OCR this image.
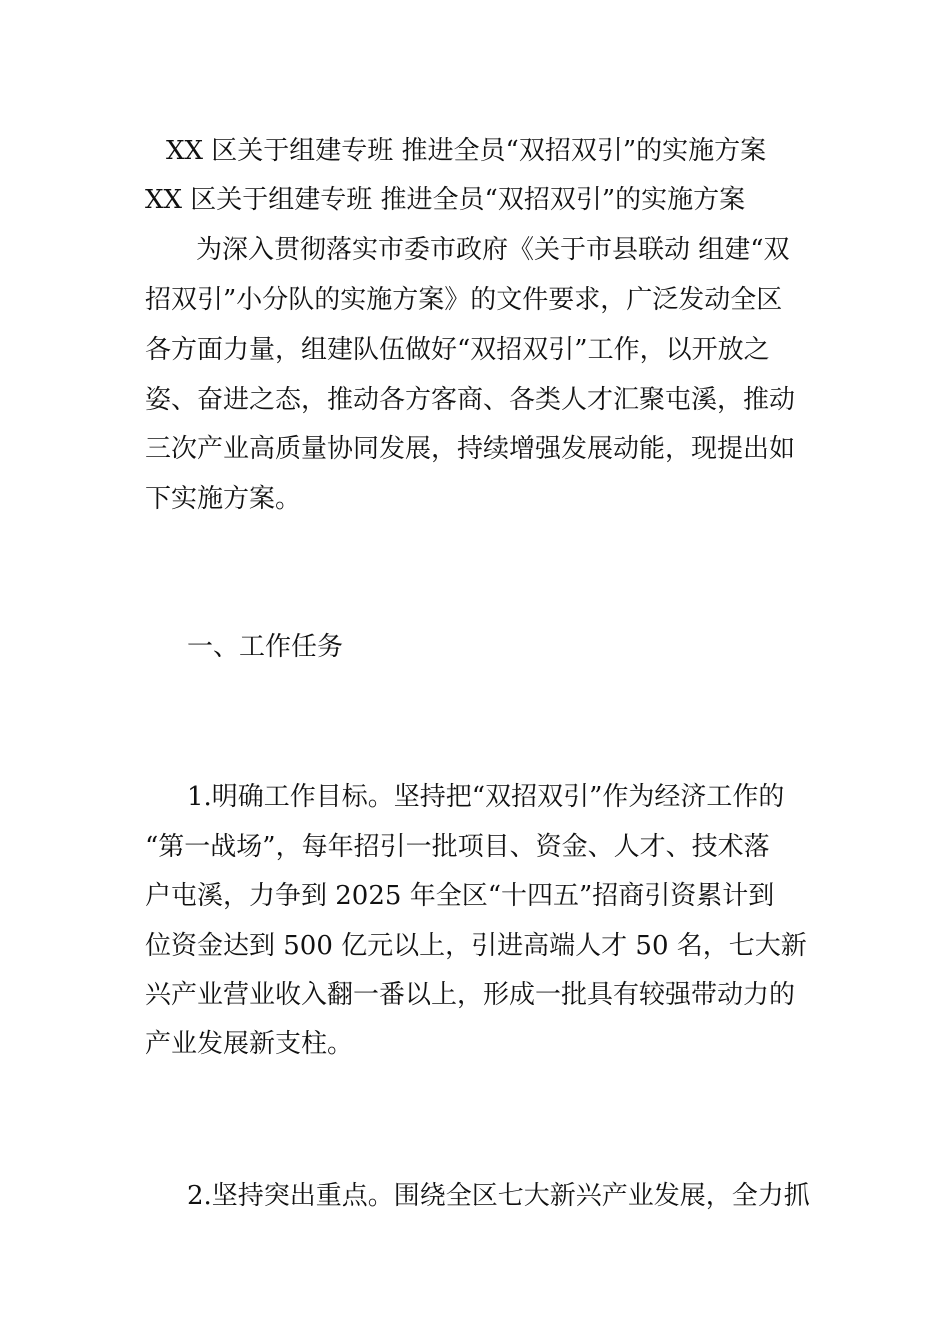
XX 区关于组建专班 推进全员“双招双引”的实施方案
XX 区关于组建专班 推进全员“双招双引”的实施方案
为深入贯彻落实市委市政府《关于市县联动 组建“双
招双引”小分队的实施方案》的文件要求，广泛发动全区
各方面力量，组建队伍做好“双招双引”工作，以开放之
姿、奋进之态，推动各方客商、各类人才汇聚屯溪，推动
三次产业高质量协同发展，持续增强发展动能，现提出如
下实施方案。
一、工作任务
1.明确工作目标。坚持把“双招双引”作为经济工作的
“第一战场”，每年招引一批项目、资金、人才、技术落
户屯溪，力争到 2025 年全区“十四五”招商引资累计到
位资金达到 500 亿元以上，引进高端人才 50 名，七大新
兴产业营业收入翻一番以上，形成一批具有较强带动力的
产业发展新支柱。
2.坚持突出重点。围绕全区七大新兴产业发展，全力抓
